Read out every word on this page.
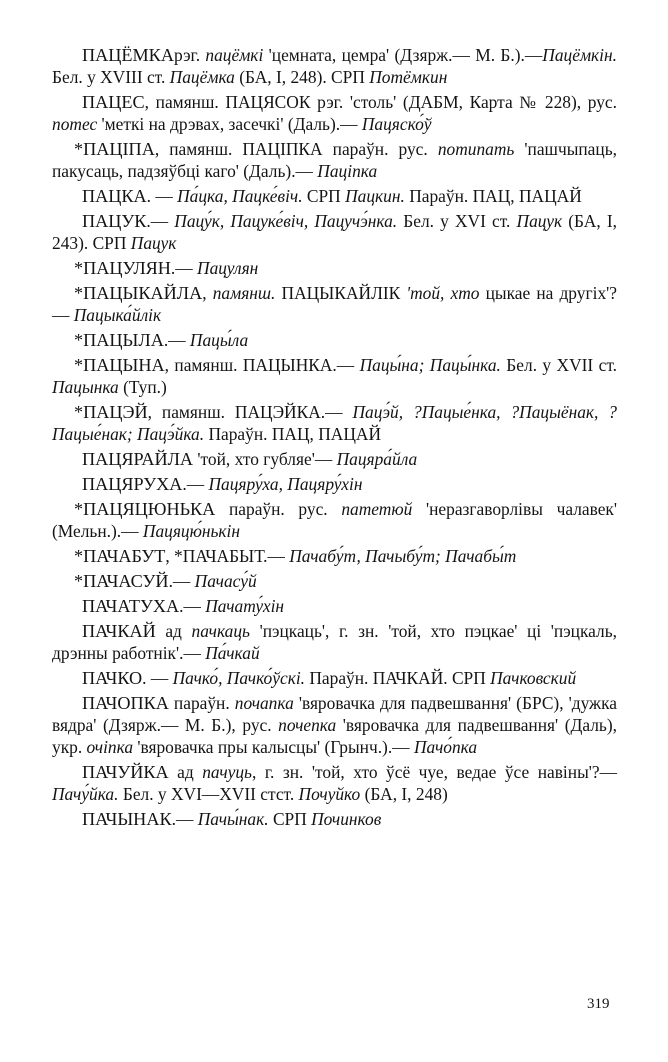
ПАЦЁМКАрэг. пацёмкі 'цемната, цемра' (Дзярж.— М. Б.).—Пацёмкін. Бел. у XVIII ст. Пацёмка (БА, I, 248). СРП Потёмкин

ПАЦЕС, памянш. ПАЦЯСОК рэг. 'столь' (ДАБМ, Карта № 228), рус. потес 'меткі на дрэвах, засечкі' (Даль).— Пацяско́ў

*ПАЦІПА, памянш. ПАЦІПКА параўн. рус. потипать 'пашчыпаць, пакусаць, падзяўбці каго' (Даль).— Пацiпка

ПАЦКА. — Па́цка, Пацке́віч. СРП Пацкин. Параўн. ПАЦ, ПАЦАЙ

ПАЦУК.— Пацу́к, Пацуке́віч, Пацучэ́нка. Бел. у XVI ст. Пацук (БА, I, 243). СРП Пацук

*ПАЦУЛЯН.— Пацулян

*ПАЦЫКАЙЛА, памянш. ПАЦЫКАЙЛІК 'той, хто цыкае на другіх'?— Пацыка́йлік

*ПАЦЫЛА.— Пацы́ла

*ПАЦЫНА, памянш. ПАЦЫНКА.— Пацы́на; Пацы́нка. Бел. у XVII ст. Пацынка (Туп.)

*ПАЦЭЙ, памянш. ПАЦЭЙКА.— Пацэ́й, ?Пацые́нка, ?Пацыёнак, ?Пацые́нак; Пацэ́йка. Параўн. ПАЦ, ПАЦАЙ

ПАЦЯРАЙЛА 'той, хто губляе'— Пацяра́йла

ПАЦЯРУХА.— Пацяру́ха, Пацяру́хін

*ПАЦЯЦЮНЬКА параўн. рус. патетюй 'неразгаворлівы чалавек' (Мельн.).— Пацяцю́нькін

*ПАЧАБУТ, *ПАЧАБЫТ.— Пачабу́т, Пачыбу́т; Пачабы́т

*ПАЧАСУЙ.— Пачасу́й

ПАЧАТУХА.— Пачату́хін

ПАЧКАЙ ад пачкаць 'пэцкаць', г. зн. 'той, хто пэцкае' ці 'пэцкаль, дрэнны работнік'.— Па́чкай

ПАЧКО. — Пачко́, Пачко́ўскі. Параўн. ПАЧКАЙ. СРП Пачковский

ПАЧОПКА параўн. почапка 'вяровачка для падвешвання' (БРС), 'дужка вядра' (Дзярж.— М. Б.), рус. почепка 'вяровачка для падвешвання' (Даль), укр. очіпка 'вяровачка пры калысцы' (Грынч.).— Пачо́пка

ПАЧУЙКА ад пачуць, г. зн. 'той, хто ўсё чуе, ведае ўсе навіны'?— Пачу́йка. Бел. у XVI—XVII стст. Почуйко (БА, I, 248)

ПАЧЫНАК.— Пачы́нак. СРП Починков

319
